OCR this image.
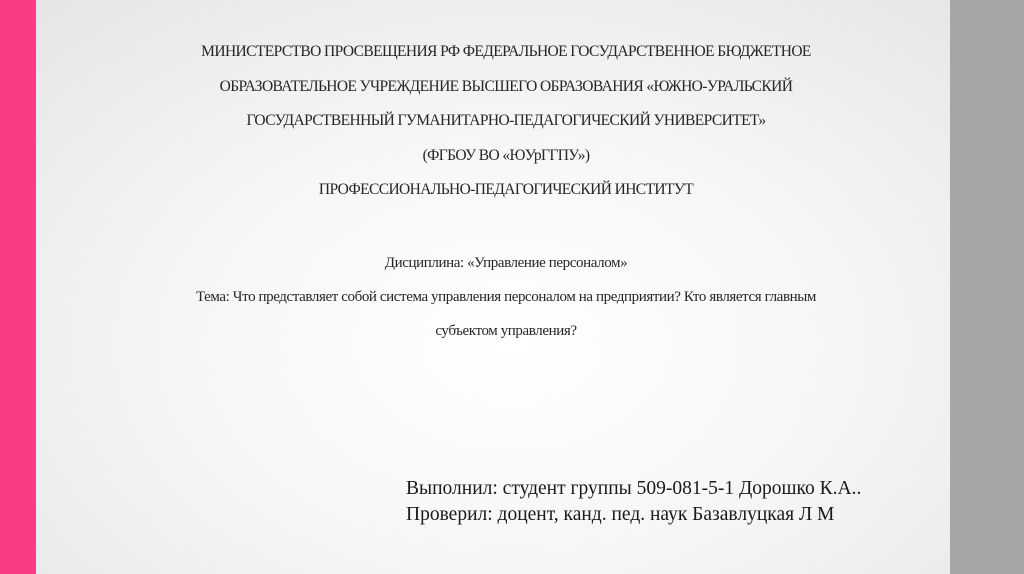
МИНИСТЕРСТВО ПРОСВЕЩЕНИЯ РФ ФЕДЕРАЛЬНОЕ ГОСУДАРСТВЕННОЕ БЮДЖЕТНОЕ
ОБРАЗОВАТЕЛЬНОЕ УЧРЕЖДЕНИЕ ВЫСШЕГО ОБРАЗОВАНИЯ «ЮЖНО-УРАЛЬСКИЙ
ГОСУДАРСТВЕННЫЙ ГУМАНИТАРНО-ПЕДАГОГИЧЕСКИЙ УНИВЕРСИТЕТ»
(ФГБОУ ВО «ЮУрГГПУ»)
ПРОФЕССИОНАЛЬНО-ПЕДАГОГИЧЕСКИЙ ИНСТИТУТ
Дисциплина: «Управление персоналом»
Тема: Что представляет собой система управления персоналом на предприятии? Кто является главным
субъектом управления?
Выполнил: студент группы 509-081-5-1 Дорошко К.А..
Проверил: доцент, канд. пед. наук Базавлуцкая Л М
